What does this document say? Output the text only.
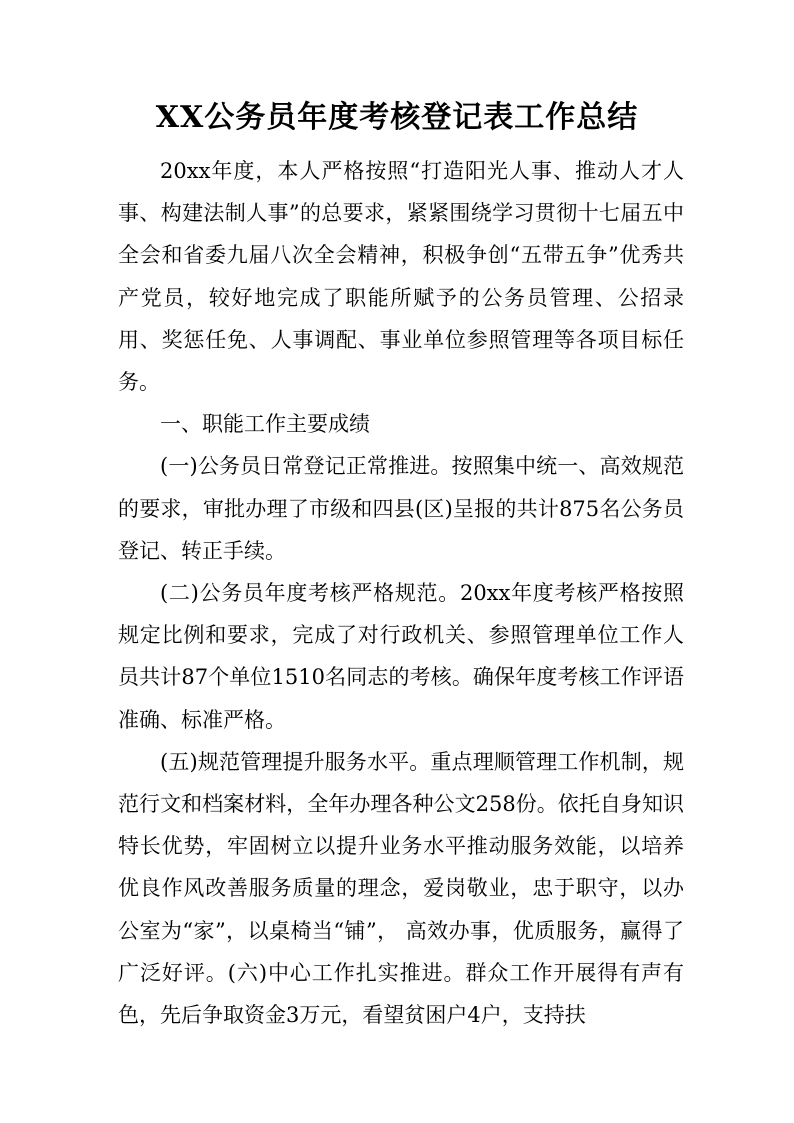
XX公务员年度考核登记表工作总结

20xx年度，本人严格按照“打造阳光人事、推动人才人事、构建法制人事”的总要求，紧紧围绕学习贯彻十七届五中全会和省委九届八次全会精神，积极争创“五带五争”优秀共产党员，较好地完成了职能所赋予的公务员管理、公招录用、奖惩任免、人事调配、事业单位参照管理等各项目标任务。

一、职能工作主要成绩

(一)公务员日常登记正常推进。按照集中统一、高效规范的要求，审批办理了市级和四县(区)呈报的共计875名公务员登记、转正手续。

(二)公务员年度考核严格规范。20xx年度考核严格按照规定比例和要求，完成了对行政机关、参照管理单位工作人员共计87个单位1510名同志的考核。确保年度考核工作评语准确、标准严格。

(五)规范管理提升服务水平。重点理顺管理工作机制，规范行文和档案材料，全年办理各种公文258份。依托自身知识特长优势，牢固树立以提升业务水平推动服务效能，以培养优良作风改善服务质量的理念，爱岗敬业，忠于职守，以办公室为“家”，以桌椅当“铺”， 高效办事，优质服务，赢得了广泛好评。(六)中心工作扎实推进。群众工作开展得有声有色，先后争取资金3万元，看望贫困户4户，支持扶
